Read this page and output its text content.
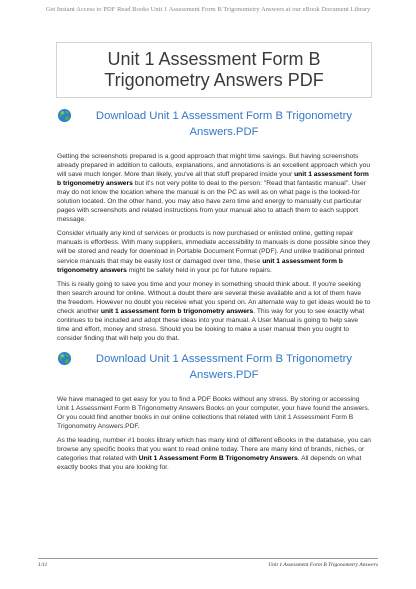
Get Instant Access to PDF Read Books Unit 1 Assessment Form B Trigonometry Answers at our eBook Document Library
Unit 1 Assessment Form B Trigonometry Answers PDF
Download Unit 1 Assessment Form B Trigonometry Answers.PDF

Getting the screenshots prepared is a good approach that might time savings. But having screenshots already prepared in addition to callouts, explanations, and annotations is an excellent approach which you will save much longer. More than likely, you've all that stuff prepared inside your unit 1 assessment form b trigonometry answers but it's not very polite to deal to the person: "Read that fantastic manual". User may do not know the location where the manual is on the PC as well as on what page is the looked-for solution located. On the other hand, you may also have zero time and energy to manually cut particular pages with screenshots and related instructions from your manual also to attach them to each support message.

Consider virtually any kind of services or products is now purchased or enlisted online, getting repair manuals is effortless. With many suppliers, immediate accessibility to manuals is done possible since they will be stored and ready for download in Portable Document Format (PDF). And unlike traditional printed service manuals that may be easily lost or damaged over time, these unit 1 assessment form b trigonometry answers might be safely held in your pc for future repairs.

This is really going to save you time and your money in something should think about. If you're seeking then search around for online. Without a doubt there are several these available and a lot of them have the freedom. However no doubt you receive what you spend on. An alternate way to get ideas would be to check another unit 1 assessment form b trigonometry answers. This way for you to see exactly what continues to be included and adopt these ideas into your manual. A User Manual is going to help save time and effort, money and stress. Should you be looking to make a user manual then you ought to consider finding that will help you do that.

Download Unit 1 Assessment Form B Trigonometry Answers.PDF

We have managed to get easy for you to find a PDF Books without any stress. By storing or accessing Unit 1 Assessment Form B Trigonometry Answers Books on your computer, your have found the answers. Or you could find another books in our online collections that related with Unit 1 Assessment Form B Trigonometry Answers.PDF.

As the leading, number #1 books library which has many kind of different eBooks in the database, you can browse any specific books that you want to read online today. There are many kind of brands, niches, or categories that related with Unit 1 Assessment Form B Trigonometry Answers. All depends on what exactly books that you are looking for.

1/11	Unit 1 Assessment Form B Trigonometry Answers
